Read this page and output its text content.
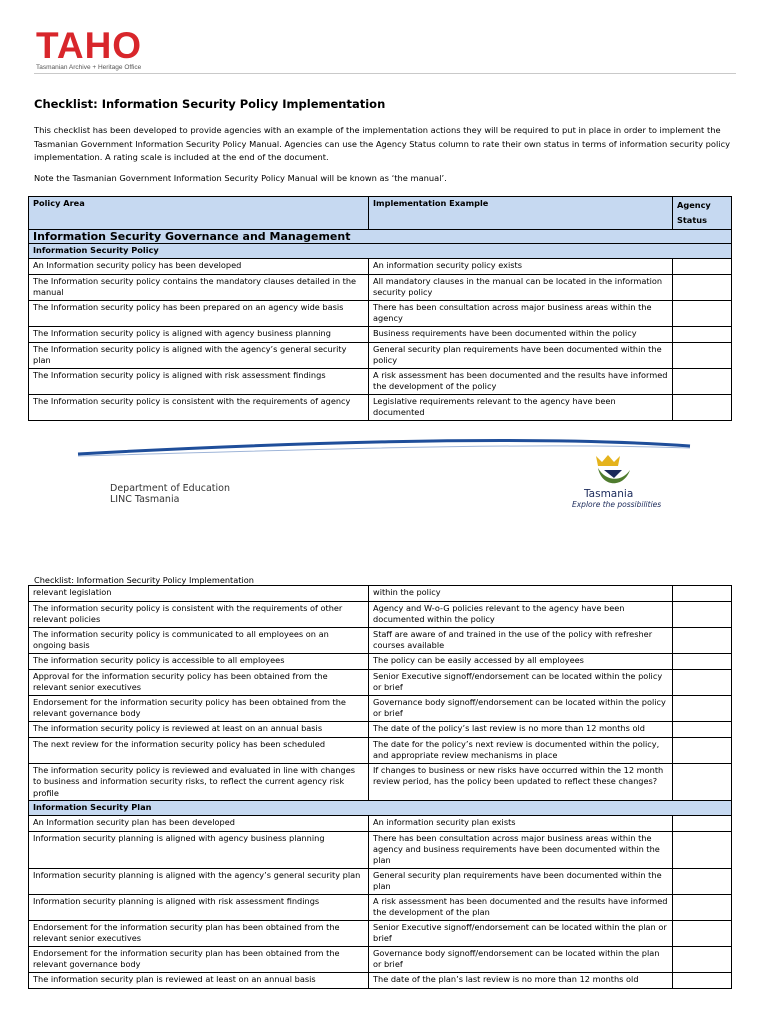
TAHO
Tasmanian Archive + Heritage Office
Checklist: Information Security Policy Implementation
This checklist has been developed to provide agencies with an example of the implementation actions they will be required to put in place in order to implement the Tasmanian Government Information Security Policy Manual. Agencies can use the Agency Status column to rate their own status in terms of information security policy implementation. A rating scale is included at the end of the document.
Note the Tasmanian Government Information Security Policy Manual will be known as ‘the manual’.
Policy Area	Implementation Example	Agency Status
Information Security Governance and Management		
Information Security Policy		
An Information security policy has been developed	An information security policy exists	
The Information security policy contains the mandatory clauses detailed in the manual	All mandatory clauses in the manual can be located in the information security policy	
The Information security policy has been prepared on an agency wide basis	There has been consultation across major business areas within the agency	
The Information security policy is aligned with agency business planning	Business requirements have been documented within the policy	
The Information security policy is aligned with the agency’s general security plan	General security plan requirements have been documented within the policy	
The Information security policy is aligned with risk assessment findings	A risk assessment has been documented and the results have informed the development of the policy	
The Information security policy is consistent with the requirements of agency	Legislative requirements relevant to the agency have been documented	
Department of Education
LINC Tasmania	Tasmania
Explore the possibilities
Checklist: Information Security Policy Implementation
relevant legislation	within the policy	
The information security policy is consistent with the requirements of other relevant policies	Agency and W-o-G policies relevant to the agency have been documented within the policy	
The information security policy is communicated to all employees on an ongoing basis	Staff are aware of and trained in the use of the policy with refresher courses available	
The information security policy is accessible to all employees	The policy can be easily accessed by all employees	
Approval for the information security policy has been obtained from the relevant senior executives	Senior Executive signoff/endorsement can be located within the policy or brief	
Endorsement for the information security policy has been obtained from the relevant governance body	Governance body signoff/endorsement can be located within the policy or brief	
The information security policy is reviewed at least on an annual basis	The date of the policy’s last review is no more than 12 months old	
The next review for the information security policy has been scheduled	The date for the policy’s next review is documented within the policy, and appropriate review mechanisms in place	
The information security policy is reviewed and evaluated in line with changes to business and information security risks, to reflect the current agency risk profile	If changes to business or new risks have occurred within the 12 month review period, has the policy been updated to reflect these changes?	
Information Security Plan		
An Information security plan has been developed	An information security plan exists	
Information security planning is aligned with agency business planning	There has been consultation across major business areas within the agency and business requirements have been documented within the plan	
Information security planning is aligned with the agency’s general security plan	General security plan requirements have been documented within the plan	
Information security planning is aligned with risk assessment findings	A risk assessment has been documented and the results have informed the development of the plan	
Endorsement for the information security plan has been obtained from the relevant senior executives	Senior Executive signoff/endorsement can be located within the plan or brief	
Endorsement for the information security plan has been obtained from the relevant governance body	Governance body signoff/endorsement can be located within the plan or brief	
The information security plan is reviewed at least on an annual basis	The date of the plan’s last review is no more than 12 months old	
